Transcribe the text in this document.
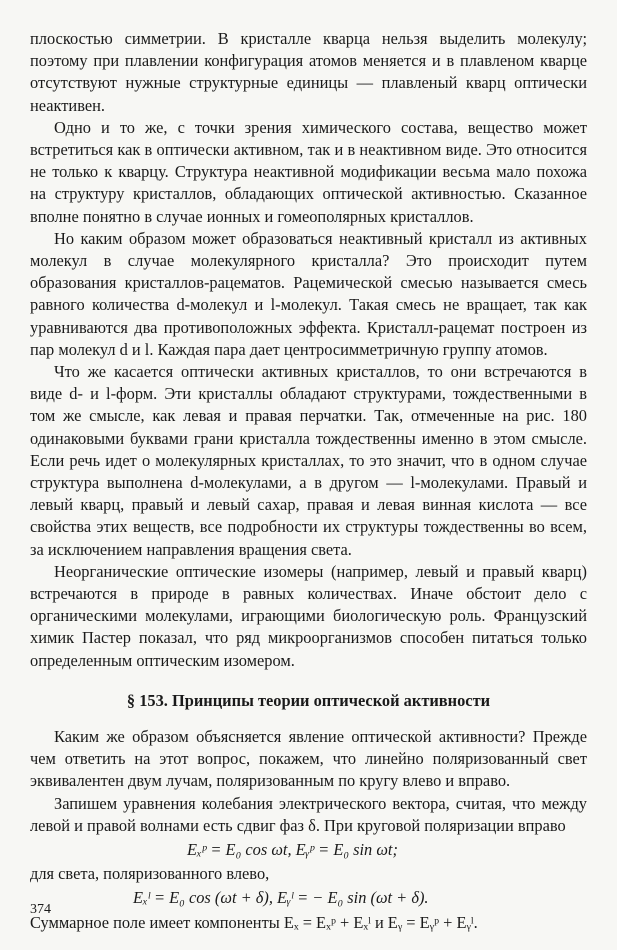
плоскостью симметрии. В кристалле кварца нельзя выделить молекулу; поэтому при плавлении конфигурация атомов меняется и в плавленом кварце отсутствуют нужные структурные единицы — плавленый кварц оптически неактивен.

Одно и то же, с точки зрения химического состава, вещество может встретиться как в оптически активном, так и в неактивном виде. Это относится не только к кварцу. Структура неактивной модификации весьма мало похожа на структуру кристаллов, обладающих оптической активностью. Сказанное вполне понятно в случае ионных и гомеополярных кристаллов.

Но каким образом может образоваться неактивный кристалл из активных молекул в случае молекулярного кристалла? Это происходит путем образования кристаллов-рацематов. Рацемической смесью называется смесь равного количества d-молекул и l-молекул. Такая смесь не вращает, так как уравниваются два противоположных эффекта. Кристалл-рацемат построен из пар молекул d и l. Каждая пара дает центросимметричную группу атомов.

Что же касается оптически активных кристаллов, то они встречаются в виде d- и l-форм. Эти кристаллы обладают структурами, тождественными в том же смысле, как левая и правая перчатки. Так, отмеченные на рис. 180 одинаковыми буквами грани кристалла тождественны именно в этом смысле. Если речь идет о молекулярных кристаллах, то это значит, что в одном случае структура выполнена d-молекулами, а в другом — l-молекулами. Правый и левый кварц, правый и левый сахар, правая и левая винная кислота — все свойства этих веществ, все подробности их структуры тождественны во всем, за исключением направления вращения света.

Неорганические оптические изомеры (например, левый и правый кварц) встречаются в природе в равных количествах. Иначе обстоит дело с органическими молекулами, играющими биологическую роль. Французский химик Пастер показал, что ряд микроорганизмов способен питаться только определенным оптическим изомером.

§ 153. Принципы теории оптической активности

Каким же образом объясняется явление оптической активности? Прежде чем ответить на этот вопрос, покажем, что линейно поляризованный свет эквивалентен двум лучам, поляризованным по кругу влево и вправо.

Запишем уравнения колебания электрического вектора, считая, что между левой и правой волнами есть сдвиг фаз δ. При круговой поляризации вправо

Eₓᵖ = E₀ cos ωt, Eᵧᵖ = E₀ sin ωt;

для света, поляризованного влево,

Eₓˡ = E₀ cos (ωt + δ), Eᵧˡ = − E₀ sin (ωt + δ).

Суммарное поле имеет компоненты Eₓ = Eₓᵖ + Eₓˡ и Eᵧ = Eᵧᵖ + Eᵧˡ.

374
